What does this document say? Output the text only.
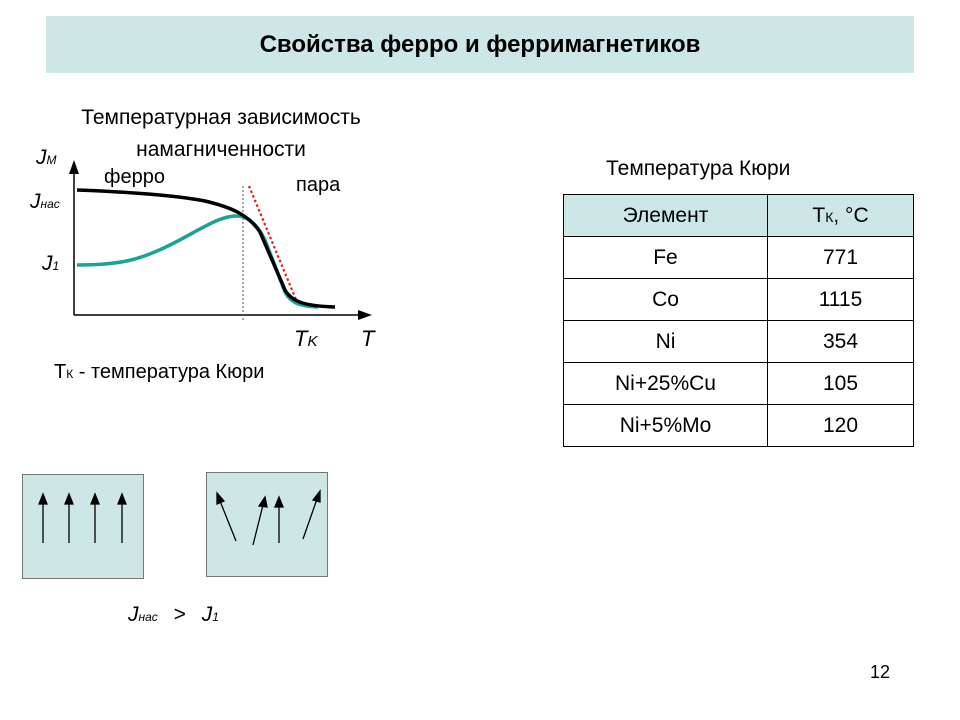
Свойства ферро и ферримагнетиков
Температурная зависимость намагниченности
JM
Jнас
J1
ферро	пара
TK T
ТК - температура Кюри
Температура Кюри
Элемент	ТК, °С
Fe	771
Co	1115
Ni	354
Ni+25%Cu	105
Ni+5%Mo	120
Jнас > J1
12
